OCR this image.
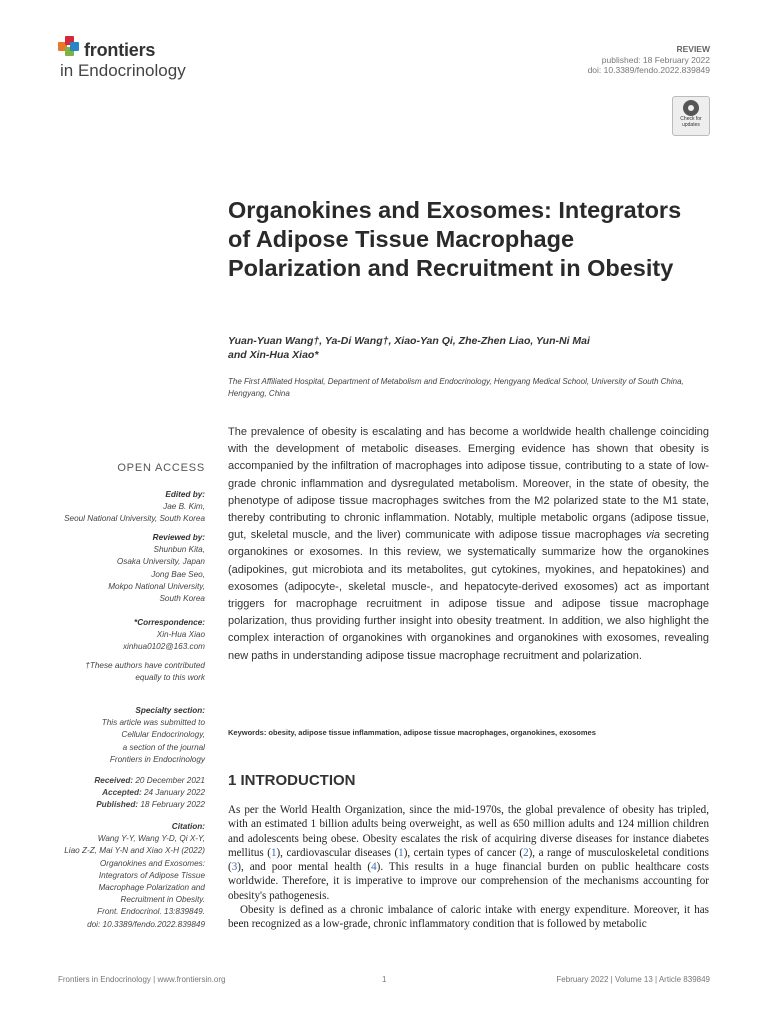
frontiers
in Endocrinology
REVIEW
published: 18 February 2022
doi: 10.3389/fendo.2022.839849
Check for updates
Organokines and Exosomes: Integrators of Adipose Tissue Macrophage Polarization and Recruitment in Obesity
Yuan-Yuan Wang†, Ya-Di Wang†, Xiao-Yan Qi, Zhe-Zhen Liao, Yun-Ni Mai
and Xin-Hua Xiao*
The First Affiliated Hospital, Department of Metabolism and Endocrinology, Hengyang Medical School, University of South China, Hengyang, China
The prevalence of obesity is escalating and has become a worldwide health challenge coinciding with the development of metabolic diseases. Emerging evidence has shown that obesity is accompanied by the infiltration of macrophages into adipose tissue, contributing to a state of low-grade chronic inflammation and dysregulated metabolism. Moreover, in the state of obesity, the phenotype of adipose tissue macrophages switches from the M2 polarized state to the M1 state, thereby contributing to chronic inflammation. Notably, multiple metabolic organs (adipose tissue, gut, skeletal muscle, and the liver) communicate with adipose tissue macrophages via secreting organokines or exosomes. In this review, we systematically summarize how the organokines (adipokines, gut microbiota and its metabolites, gut cytokines, myokines, and hepatokines) and exosomes (adipocyte-, skeletal muscle-, and hepatocyte-derived exosomes) act as important triggers for macrophage recruitment in adipose tissue and adipose tissue macrophage polarization, thus providing further insight into obesity treatment. In addition, we also highlight the complex interaction of organokines with organokines and organokines with exosomes, revealing new paths in understanding adipose tissue macrophage recruitment and polarization.
Keywords: obesity, adipose tissue inflammation, adipose tissue macrophages, organokines, exosomes
1 INTRODUCTION

As per the World Health Organization, since the mid-1970s, the global prevalence of obesity has tripled, with an estimated 1 billion adults being overweight, as well as 650 million adults and 124 million children and adolescents being obese. Obesity escalates the risk of acquiring diverse diseases for instance diabetes mellitus (1), cardiovascular diseases (1), certain types of cancer (2), a range of musculoskeletal conditions (3), and poor mental health (4). This results in a huge financial burden on public healthcare costs worldwide. Therefore, it is imperative to improve our comprehension of the mechanisms accounting for obesity's pathogenesis.

Obesity is defined as a chronic imbalance of caloric intake with energy expenditure. Moreover, it has been recognized as a low-grade, chronic inflammatory condition that is followed by metabolic

OPEN ACCESS
Edited by:
Jae B. Kim,
Seoul National University, South Korea
Reviewed by:
Shunbun Kita,
Osaka University, Japan
Jong Bae Seo,
Mokpo National University,
South Korea
*Correspondence:
Xin-Hua Xiao
xinhua0102@163.com
†These authors have contributed
equally to this work
Specialty section:
This article was submitted to
Cellular Endocrinology,
a section of the journal
Frontiers in Endocrinology
Received: 20 December 2021
Accepted: 24 January 2022
Published: 18 February 2022
Citation:
Wang Y-Y, Wang Y-D, Qi X-Y,
Liao Z-Z, Mai Y-N and Xiao X-H (2022)
Organokines and Exosomes:
Integrators of Adipose Tissue
Macrophage Polarization and
Recruitment in Obesity.
Front. Endocrinol. 13:839849.
doi: 10.3389/fendo.2022.839849
Frontiers in Endocrinology | www.frontiersin.org	1	February 2022 | Volume 13 | Article 839849
